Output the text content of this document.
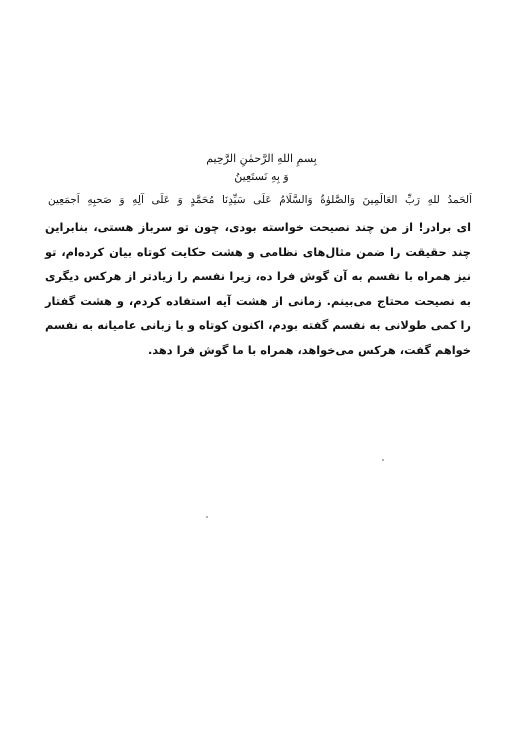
بِسمِ اللهِ الرَّحمٰنِ الرَّحِیم
وَ بِهِ نَستَعِینُ
اَلحَمدُ للهِ رَبِّ العَالَمِینَ وَالصَّلوٰةُ وَالسَّلَامُ عَلَی سَیِّدِنَا مُحَمَّدٍ وَ عَلَی آلِهِ وَ صَحبِهِ اَجمَعِین

ای برادر! از من چند نصیحت خواسته بودی، چون تو سرباز هستی، بنابراین چند حقیقت را ضمن مثال‌های نظامی و هشت حکایت کوتاه بیان کرده‌ام، تو نیز همراه با نفسم به آن گوش فرا ده، زیرا نفسم را زیادتر از هرکس دیگری به نصیحت محتاج می‌بینم. زمانی از هشت آیه استفاده کردم، و هشت گفتار را کمی طولانی به نفسم گفته بودم، اکنون کوتاه و با زبانی عامیانه به نفسم خواهم گفت، هرکس می‌خواهد، همراه با ما گوش فرا دهد.
